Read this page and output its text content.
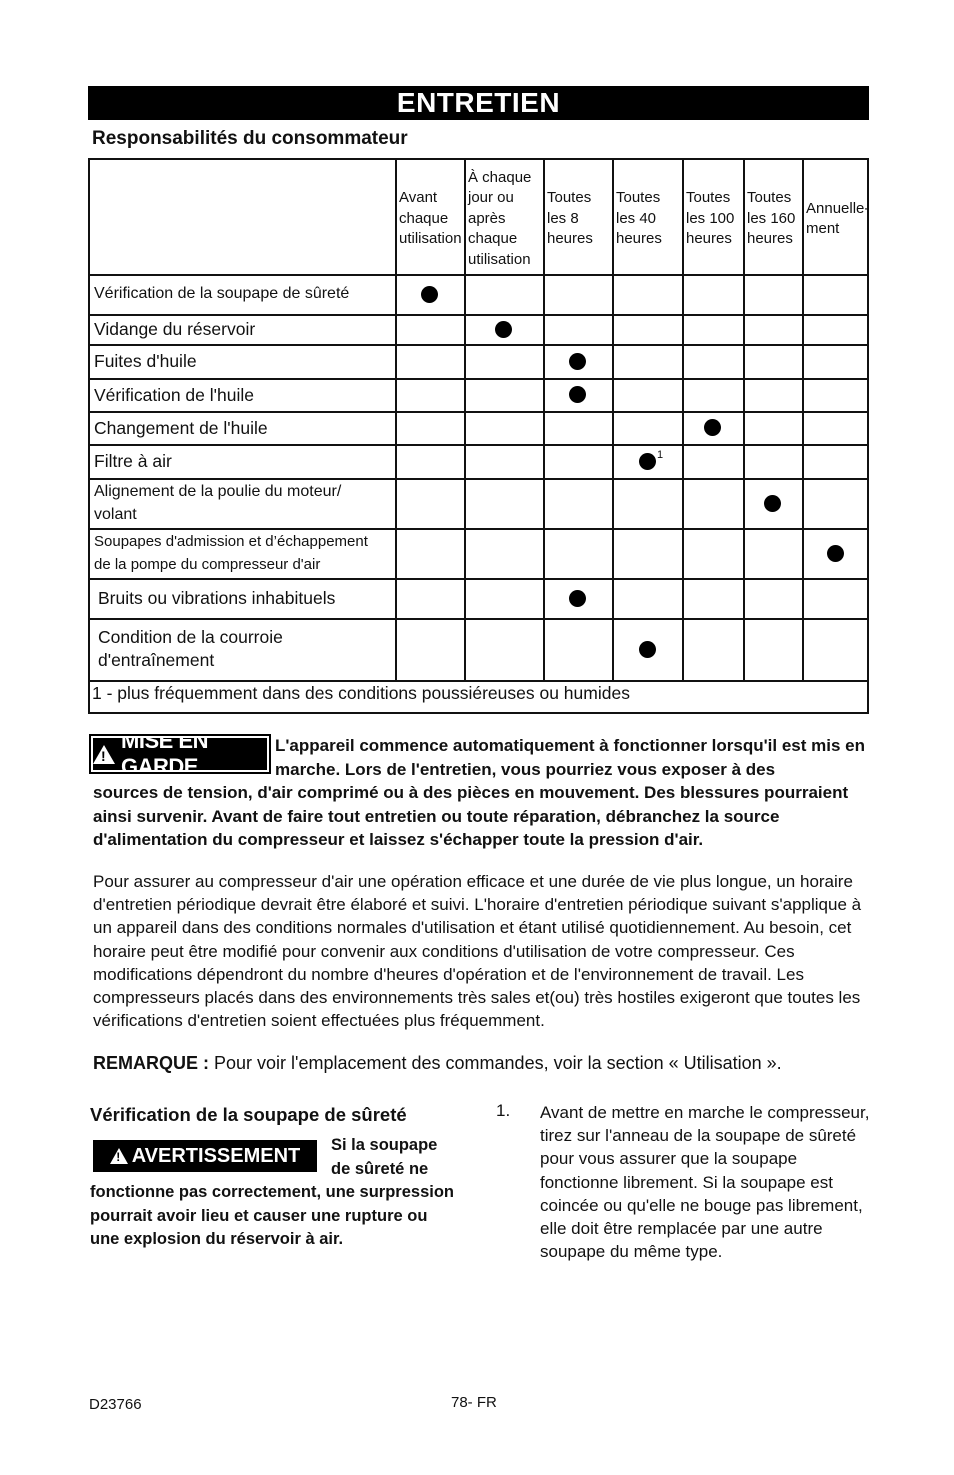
ENTRETIEN
Responsabilités du consommateur
Avant
chaque
utilisation
À chaque
jour ou
après
chaque
utilisation
Toutes
les 8
heures
Toutes
les 40
heures
Toutes
les 100
heures
Toutes
les 160
heures
Annuelle-
ment
Vérification de la soupape de sûreté
Vidange du réservoir
Fuites d'huile
Vérification de l'huile
Changement de l'huile
Filtre à air	1
Alignement de la poulie du moteur/
volant
Soupapes d'admission et d’échappement
de la pompe du compresseur d'air
Bruits ou vibrations inhabituels
Condition de la courroie
d'entraînement
1 - plus fréquemment dans des conditions poussiéreuses ou humides
!
MISE EN GARDE
L'appareil commence automatiquement à fonctionner lorsqu'il est mis en marche. Lors de l'entretien, vous pourriez vous exposer à des
sources de tension, d'air comprimé ou à des pièces en mouvement. Des blessures pourraient ainsi survenir. Avant de faire tout entretien ou toute réparation, débranchez la source d'alimentation du compresseur et laissez s'échapper toute la pression d'air.
Pour assurer au compresseur d'air une opération efficace et une durée de vie plus longue, un horaire d'entretien périodique devrait être élaboré et suivi. L'horaire d'entretien périodique suivant s'applique à un appareil dans des conditions normales d'utilisation et étant utilisé quotidiennement. Au besoin, cet horaire peut être modifié pour convenir aux conditions d'utilisation de votre compresseur. Ces modifications dépendront du nombre d'heures d'opération et de l'environnement de travail. Les compresseurs placés dans des environnements très sales et(ou) très hostiles exigeront que toutes les vérifications d'entretien soient effectuées plus fréquemment.
REMARQUE : Pour voir l'emplacement des commandes, voir la section « Utilisation ».
Vérification de la soupape de sûreté
! AVERTISSEMENT Si la soupape de sûreté ne
fonctionne pas correctement, une surpression pourrait avoir lieu et causer une rupture ou une explosion du réservoir à air.
1. Avant de mettre en marche le compresseur, tirez sur l'anneau de la soupape de sûreté pour vous assurer que la soupape fonctionne librement. Si la soupape est coincée ou qu'elle ne bouge pas librement, elle doit être remplacée par une autre soupape du même type.
D23766	78- FR
